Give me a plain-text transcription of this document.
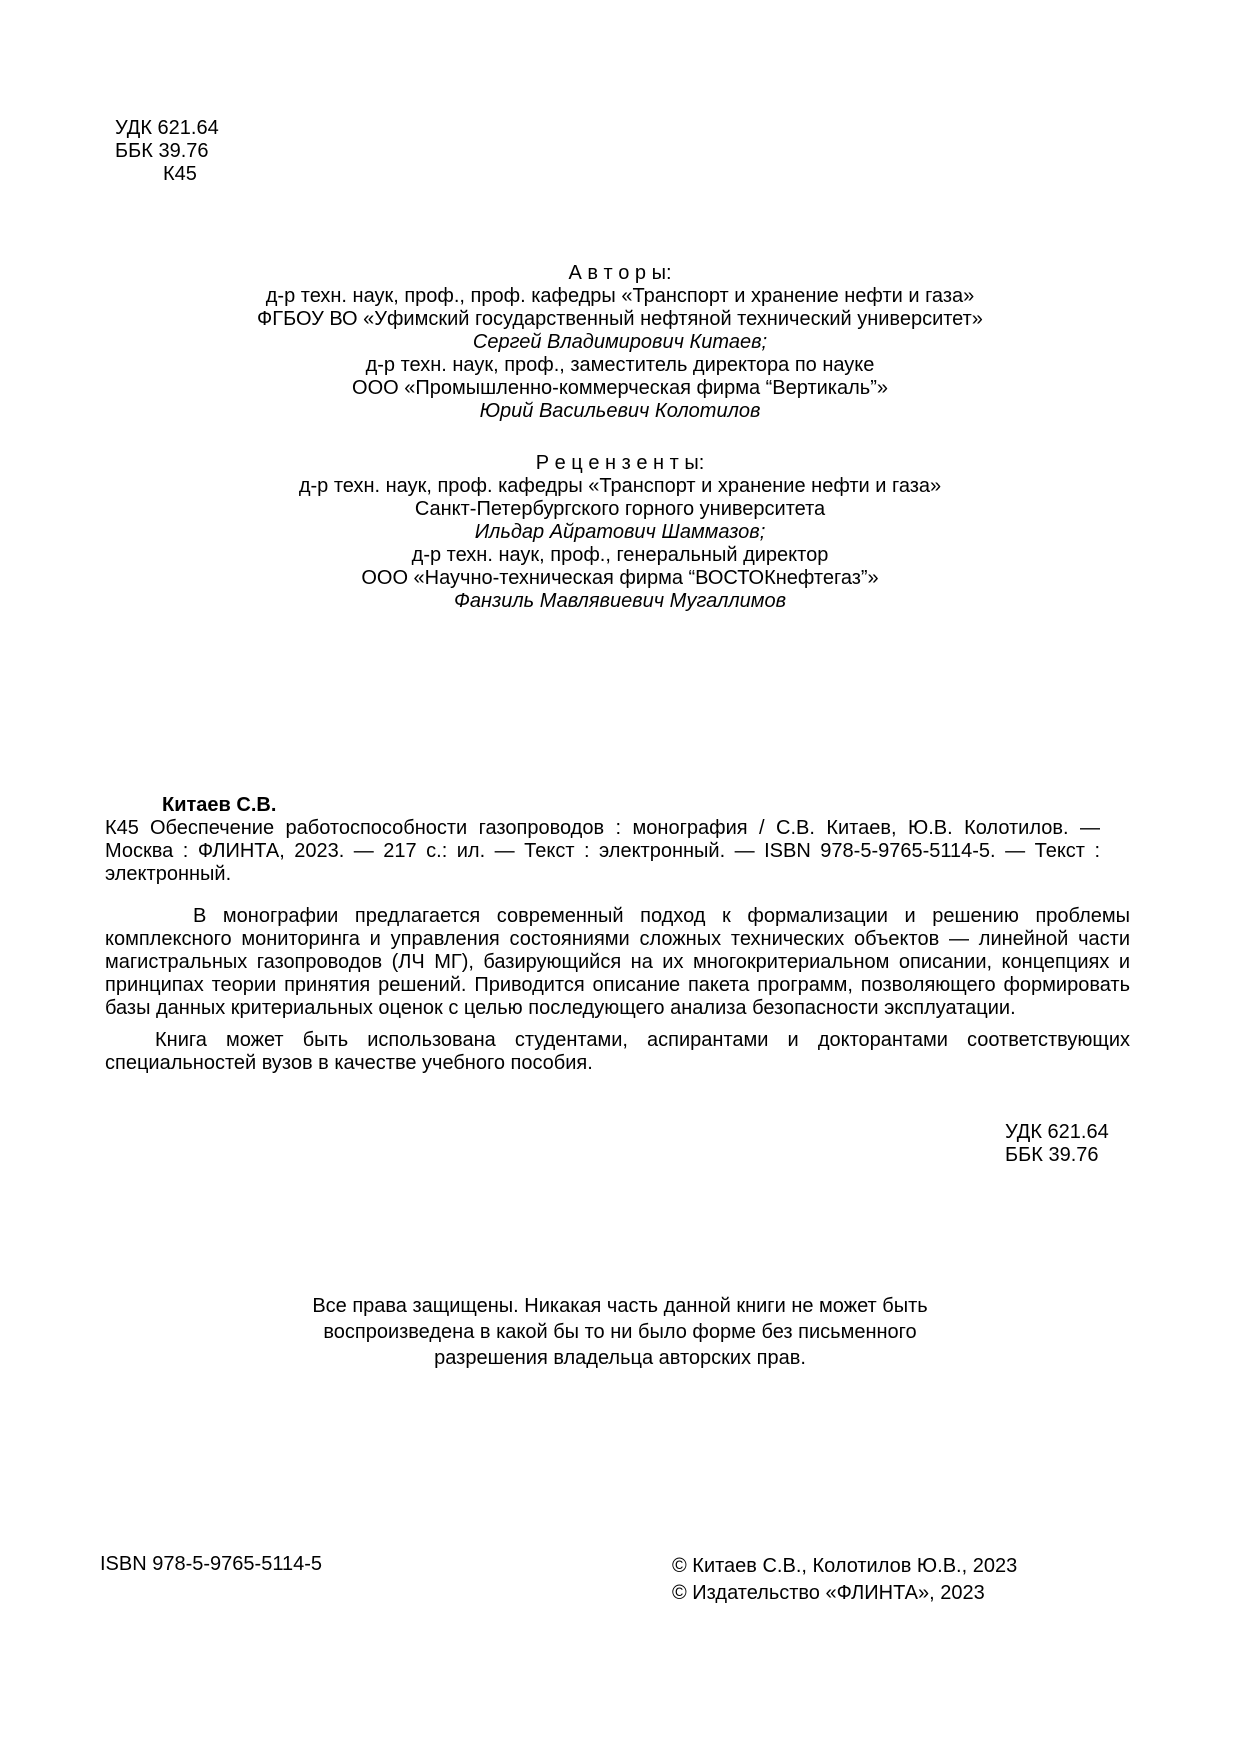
УДК 621.64
ББК 39.76
К45
А в т о р ы:
д-р техн. наук, проф., проф. кафедры «Транспорт и хранение нефти и газа»
ФГБОУ ВО «Уфимский государственный нефтяной технический университет»
Сергей Владимирович Китаев;
д-р техн. наук, проф., заместитель директора по науке
ООО «Промышленно-коммерческая фирма “Вертикаль”»
Юрий Васильевич Колотилов
Р е ц е н з е н т ы:
д-р техн. наук, проф. кафедры «Транспорт и хранение нефти и газа»
Санкт-Петербургского горного университета
Ильдар Айратович Шаммазов;
д-р техн. наук, проф., генеральный директор
ООО «Научно-техническая фирма “ВОСТОКнефтегаз”»
Фанзиль Мавлявиевич Мугаллимов
Китаев С.В.
К45 Обеспечение работоспособности газопроводов : монография / С.В. Китаев, Ю.В. Колотилов. — Москва : ФЛИНТА, 2023. — 217 с.: ил. — Текст : электронный. — ISBN 978-5-9765-5114-5. — Текст : электронный.

В монографии предлагается современный подход к формализации и решению проблемы комплексного мониторинга и управления состояниями сложных технических объектов — линейной части магистральных газопроводов (ЛЧ МГ), базирующийся на их многокритериальном описании, концепциях и принципах теории принятия решений. Приводится описание пакета программ, позволяющего формировать базы данных критериальных оценок с целью последующего анализа безопасности эксплуатации.

Книга может быть использована студентами, аспирантами и докторантами соответствующих специальностей вузов в качестве учебного пособия.

УДК 621.64
ББК 39.76
Все права защищены. Никакая часть данной книги не может быть
воспроизведена в какой бы то ни было форме без письменного
разрешения владельца авторских прав.
ISBN 978-5-9765-5114-5	© Китаев С.В., Колотилов Ю.В., 2023
© Издательство «ФЛИНТА», 2023
